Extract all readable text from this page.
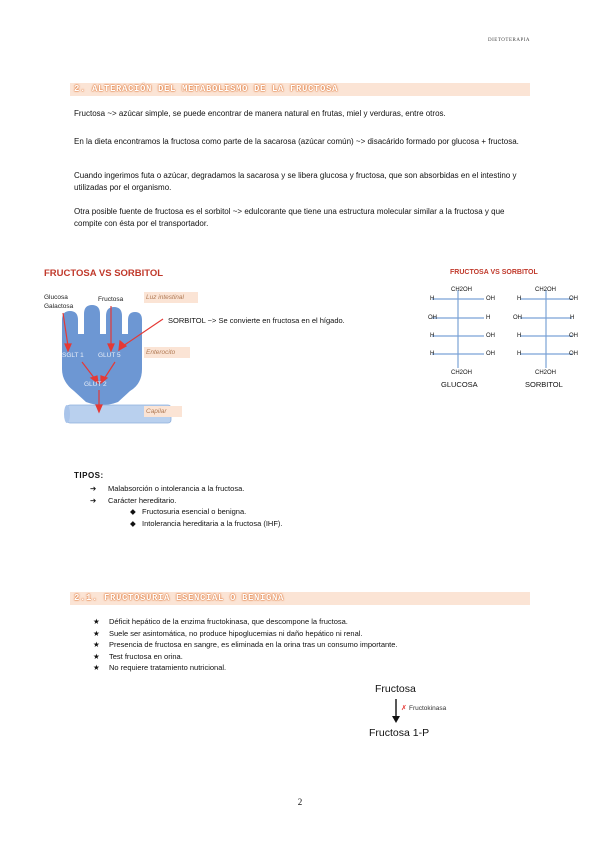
DIETOTERAPIA
2. ALTERACIÓN DEL METABOLISMO DE LA FRUCTOSA
Fructosa ~> azúcar simple, se puede encontrar de manera natural en frutas, miel y verduras, entre otros.
En la dieta encontramos la fructosa como parte de la sacarosa (azúcar común) ~> disacárido formado por glucosa + fructosa.
Cuando ingerimos futa o azúcar, degradamos la sacarosa y se libera glucosa y fructosa, que son absorbidas en el intestino y utilizadas por el organismo.
Otra posible fuente de fructosa es el sorbitol ~> edulcorante que tiene una estructura molecular similar a la fructosa y que compite con ésta por el transportador.
FRUCTOSA VS SORBITOL
Glucosa
Galactosa
Fructosa	Luz intestinal
SGLT 1 GLUT 5
GLUT 2
Enterocito
Capilar
SORBITOL ~> Se convierte en fructosa en el hígado.
FRUCTOSA VS SORBITOL
CH2OH
H	OH
OH	H
H	OH
H	OH
CH2OH
GLUCOSA
CH2OH
H	OH
OH	H
H	OH
H	OH
CH2OH
SORBITOL
TIPOS:
➔ Malabsorción o intolerancia a la fructosa.
➔ Carácter hereditario.
◆ Fructosuria esencial o benigna.
◆ Intolerancia hereditaria a la fructosa (IHF).
2.1. FRUCTOSURIA ESENCIAL O BENIGNA
★ Déficit hepático de la enzima fructokinasa, que descompone la fructosa.
★ Suele ser asintomática, no produce hipoglucemias ni daño hepático ni renal.
★ Presencia de fructosa en sangre, es eliminada en la orina tras un consumo importante.
★ Test fructosa en orina.
★ No requiere tratamiento nutricional.
Fructosa
✗ Fructokinasa
Fructosa 1-P
2
